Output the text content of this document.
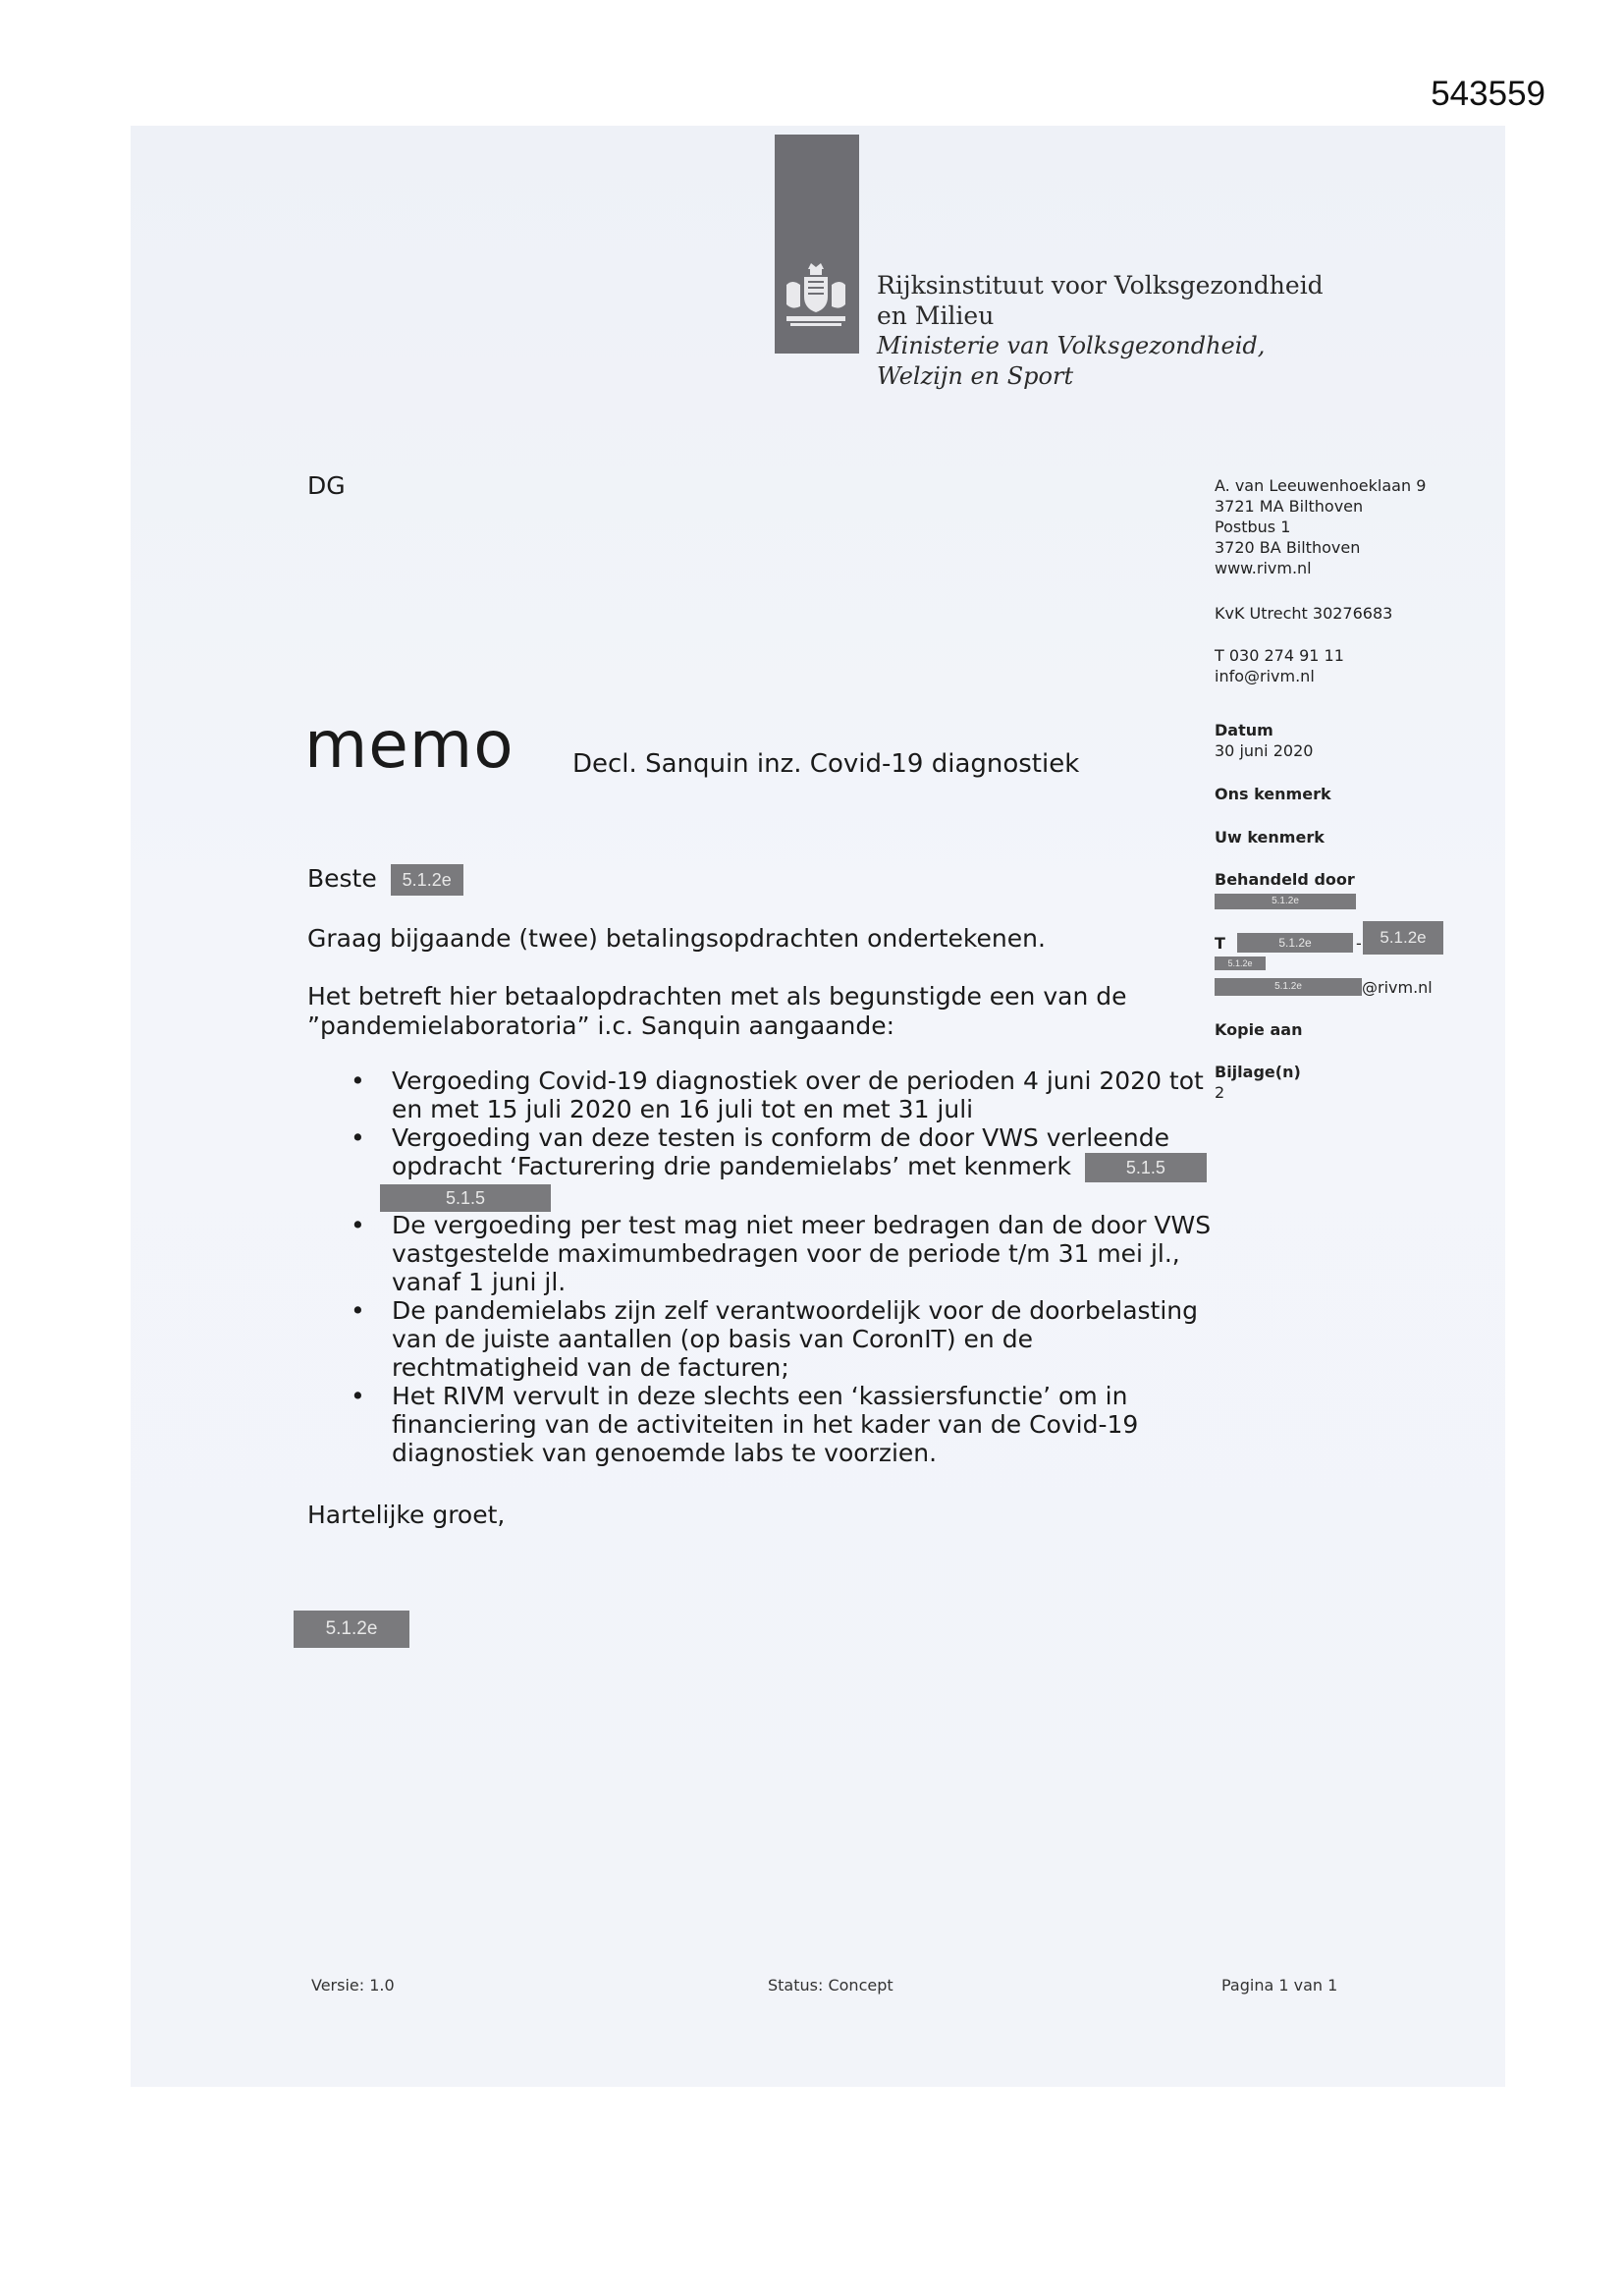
543559
Rijksinstituut voor Volksgezondheid
en Milieu
Ministerie van Volksgezondheid,
Welzijn en Sport
DG
memo Decl. Sanquin inz. Covid-19 diagnostiek
Beste 5.1.2e
Graag bijgaande (twee) betalingsopdrachten ondertekenen.
Het betreft hier betaalopdrachten met als begunstigde een van de
”pandemielaboratoria” i.c. Sanquin aangaande:
• Vergoeding Covid-19 diagnostiek over de perioden 4 juni 2020 tot
en met 15 juli 2020 en 16 juli tot en met 31 juli
• Vergoeding van deze testen is conform de door VWS verleende
opdracht ‘Facturering drie pandemielabs’ met kenmerk	5.1.5
5.1.5
• De vergoeding per test mag niet meer bedragen dan de door VWS
vastgestelde maximumbedragen voor de periode t/m 31 mei jl.,
vanaf 1 juni jl.
• De pandemielabs zijn zelf verantwoordelijk voor de doorbelasting
van de juiste aantallen (op basis van CoronIT) en de
rechtmatigheid van de facturen;
• Het RIVM vervult in deze slechts een ‘kassiersfunctie’ om in
financiering van de activiteiten in het kader van de Covid-19
diagnostiek van genoemde labs te voorzien.
Hartelijke groet,
5.1.2e
A. van Leeuwenhoeklaan 9
3721 MA Bilthoven
Postbus 1
3720 BA Bilthoven
www.rivm.nl
KvK Utrecht 30276683
T 030 274 91 11
info@rivm.nl
Datum
30 juni 2020
Ons kenmerk
Uw kenmerk
Behandeld door
5.1.2e
T	5.1.2e	-	5.1.2e
5.1.2e
5.1.2e	@rivm.nl
Kopie aan
Bijlage(n)
2
Versie: 1.0	Status: Concept	Pagina 1 van 1
